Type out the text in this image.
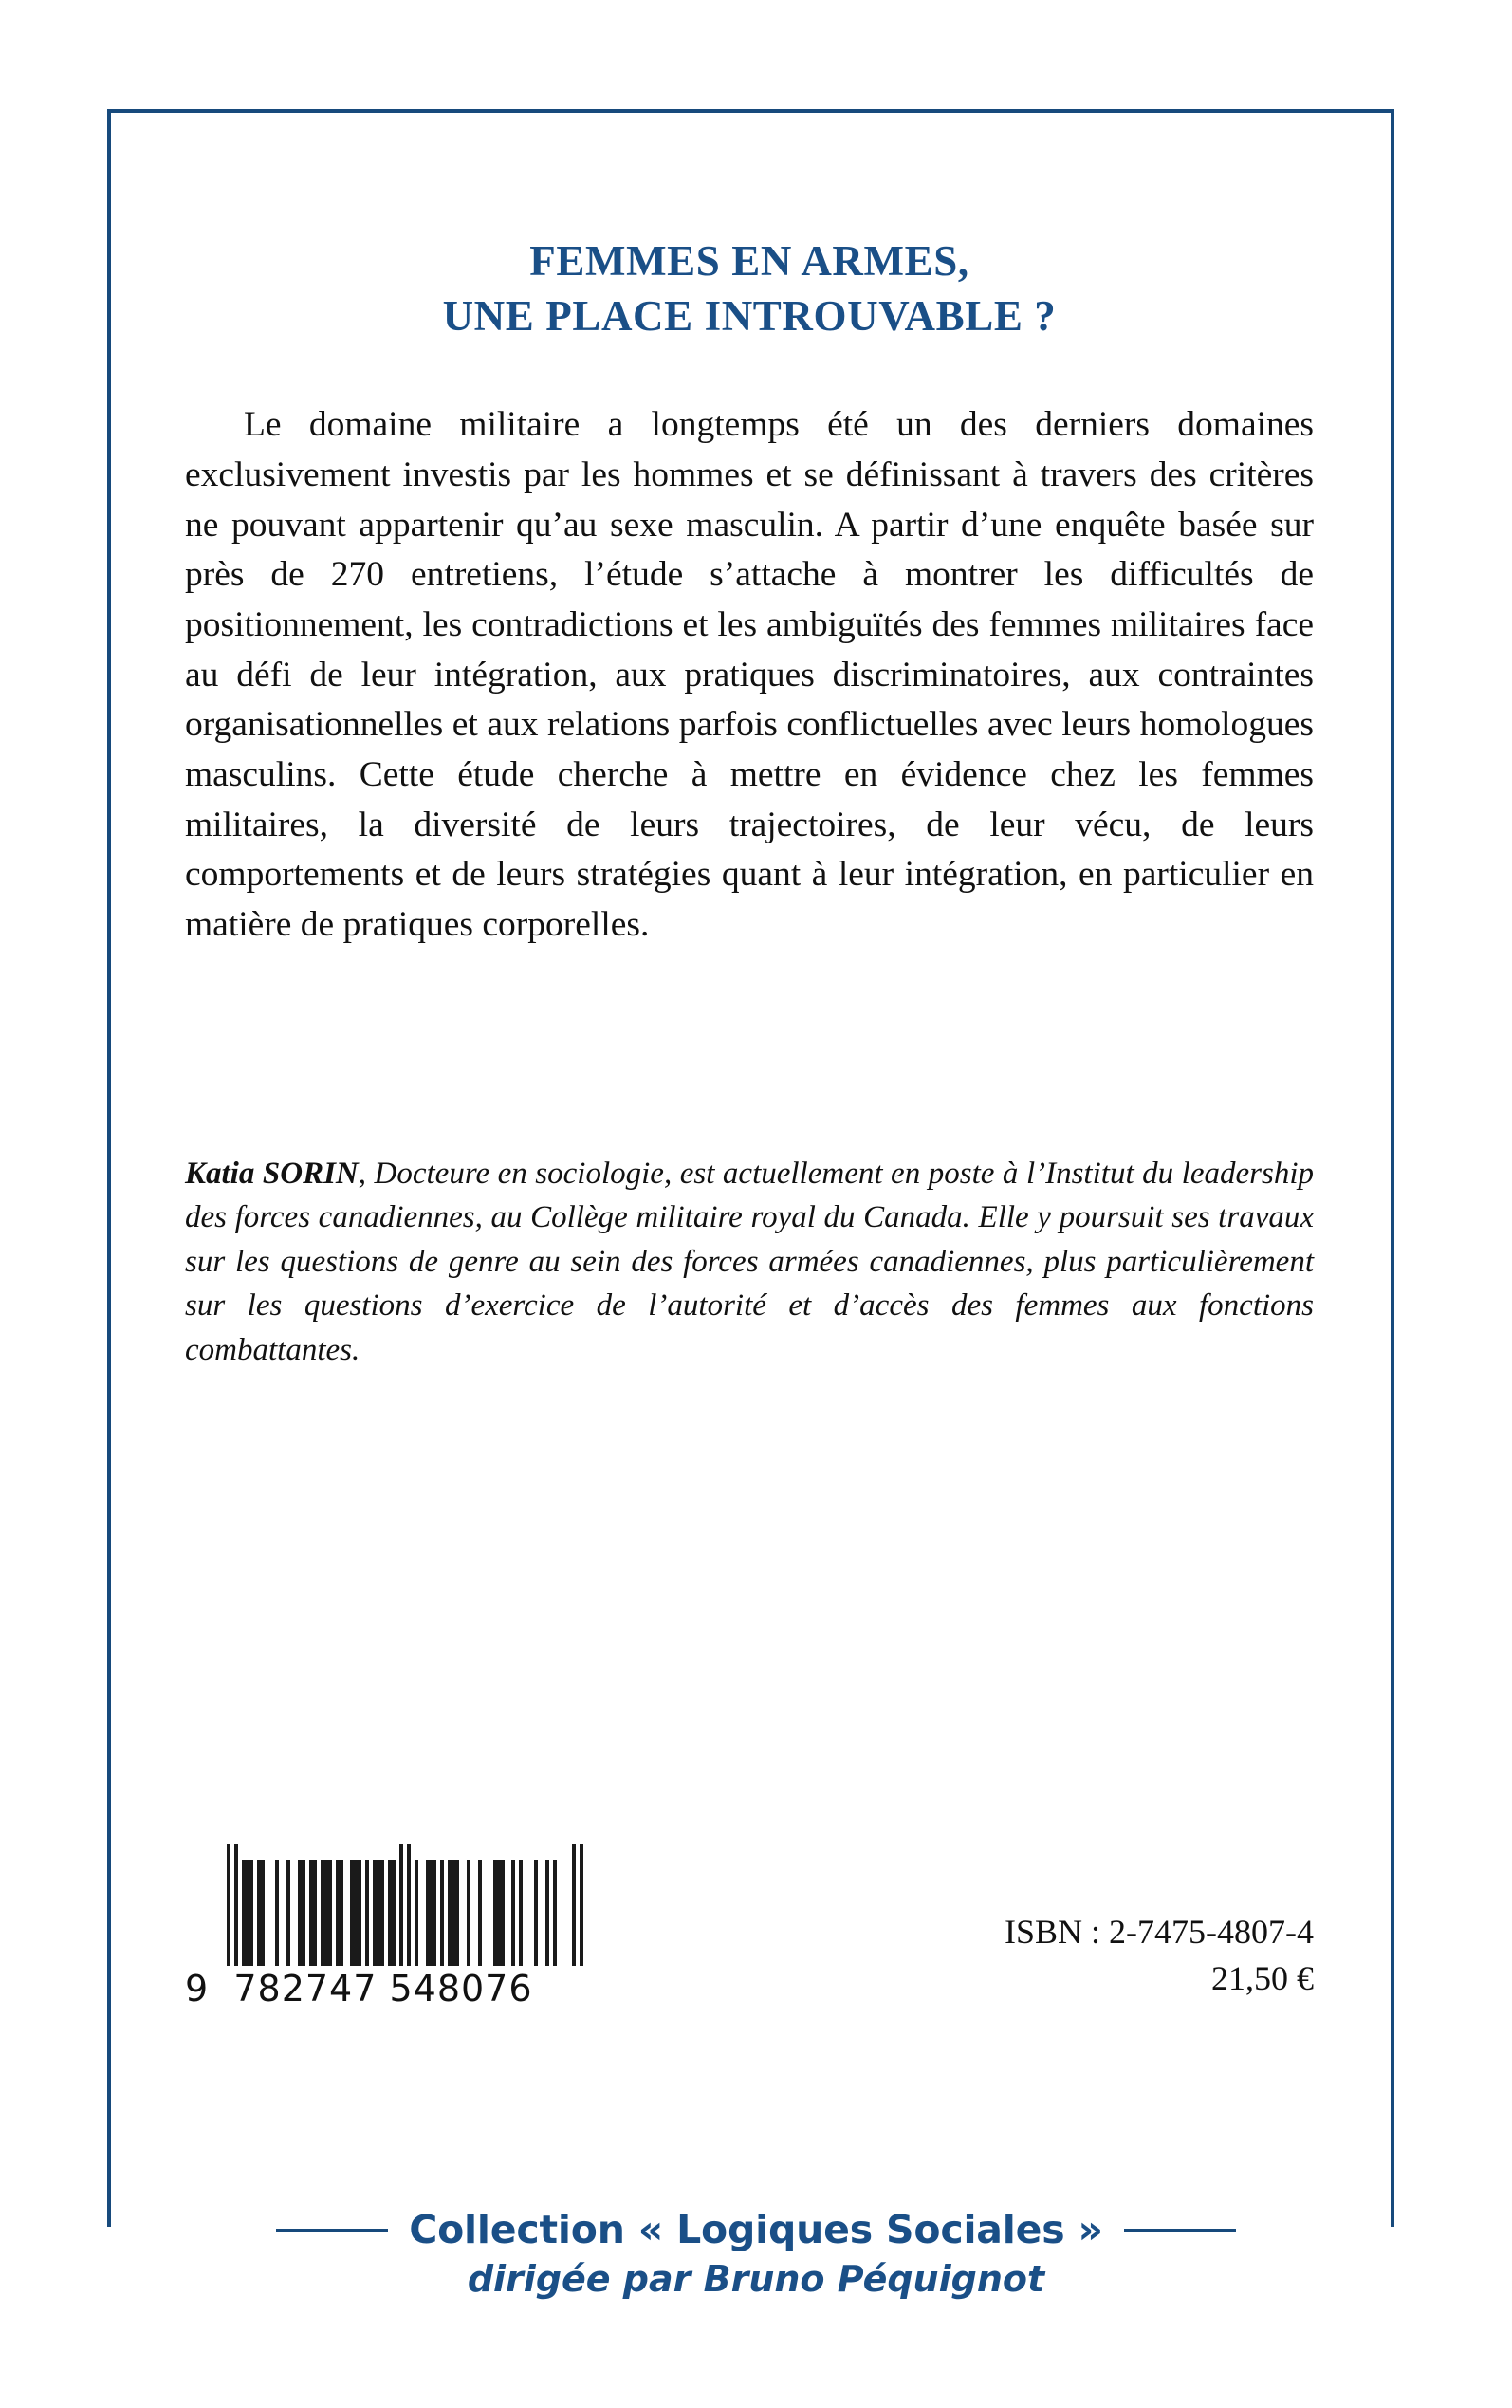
FEMMES EN ARMES,
UNE PLACE INTROUVABLE ?

Le domaine militaire a longtemps été un des derniers domaines exclusivement investis par les hommes et se définissant à travers des critères ne pouvant appartenir qu’au sexe masculin. A partir d’une enquête basée sur près de 270 entretiens, l’étude s’attache à montrer les difficultés de positionnement, les contradictions et les ambiguïtés des femmes militaires face au défi de leur intégration, aux pratiques discriminatoires, aux contraintes organisationnelles et aux relations parfois conflictuelles avec leurs homologues masculins. Cette étude cherche à mettre en évidence chez les femmes militaires, la diversité de leurs trajectoires, de leur vécu, de leurs comportements et de leurs stratégies quant à leur intégration, en particulier en matière de pratiques corporelles.

Katia SORIN, Docteure en sociologie, est actuellement en poste à l’Institut du leadership des forces canadiennes, au Collège militaire royal du Canada. Elle y poursuit ses travaux sur les questions de genre au sein des forces armées canadiennes, plus particulièrement sur les questions d’exercice de l’autorité et d’accès des femmes aux fonctions combattantes.

9  782747 548076
ISBN : 2-7475-4807-4
21,50 €
Collection « Logiques Sociales »
dirigée par Bruno Péquignot
